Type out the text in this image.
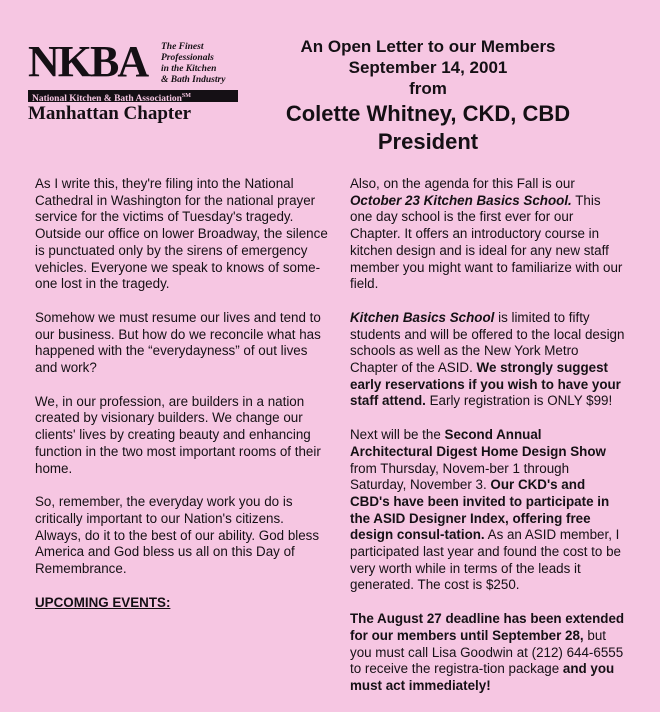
NKBA The Finest
Professionals
in the Kitchen
& Bath Industry
National Kitchen & Bath Association℠
Manhattan Chapter
An Open Letter to our Members
September 14, 2001
from
Colette Whitney, CKD, CBD
President

As I write this, they're filing into the National Cathedral in Washington for the national prayer service for the victims of Tuesday's tragedy. Outside our office on lower Broadway, the silence is punctuated only by the sirens of emergency vehicles. Everyone we speak to knows of some-one lost in the tragedy.

Somehow we must resume our lives and tend to our business. But how do we reconcile what has happened with the “everydayness” of out lives and work?

We, in our profession, are builders in a nation created by visionary builders. We change our clients' lives by creating beauty and enhancing function in the two most important rooms of their home.

So, remember, the everyday work you do is critically important to our Nation's citizens. Always, do it to the best of our ability. God bless America and God bless us all on this Day of Remembrance.

UPCOMING EVENTS:

Also, on the agenda for this Fall is our October 23 Kitchen Basics School. This one day school is the first ever for our Chapter. It offers an introductory course in kitchen design and is ideal for any new staff member you might want to familiarize with our field.

Kitchen Basics School is limited to fifty students and will be offered to the local design schools as well as the New York Metro Chapter of the ASID. We strongly suggest early reservations if you wish to have your staff attend. Early registration is ONLY $99!

Next will be the Second Annual Architectural Digest Home Design Show from Thursday, Novem-ber 1 through Saturday, November 3. Our CKD's and CBD's have been invited to participate in the ASID Designer Index, offering free design consul-tation. As an ASID member, I participated last year and found the cost to be very worth while in terms of the leads it generated. The cost is $250.

The August 27 deadline has been extended for our members until September 28, but you must call Lisa Goodwin at (212) 644-6555 to receive the registra-tion package and you must act immediately!
